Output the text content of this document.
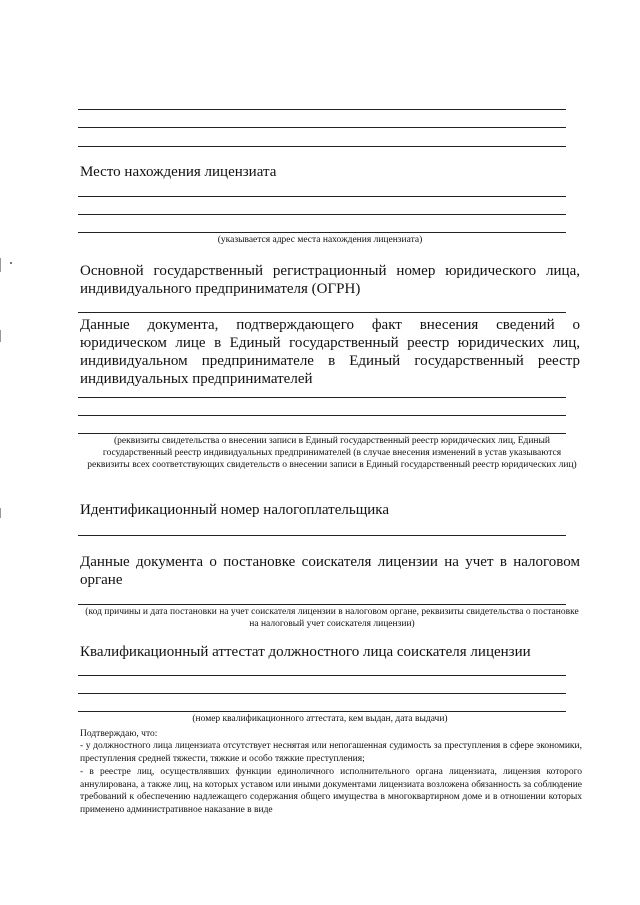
Место нахождения лицензиата

(указывается адрес места нахождения лицензиата)

Основной государственный регистрационный номер юридического лица, индивидуального предпринимателя (ОГРН)

Данные документа, подтверждающего факт внесения сведений о юридическом лице в Единый государственный реестр юридических лиц, индивидуальном предпринимателе в Единый государственный реестр индивидуальных предпринимателей

(реквизиты свидетельства о внесении записи в Единый государственный реестр юридических лиц, Единый государственный реестр индивидуальных предпринимателей (в случае внесения изменений в устав указываются реквизиты всех соответствующих свидетельств о внесении записи в Единый государственный реестр юридических лиц)

Идентификационный номер налогоплательщика

Данные документа о постановке соискателя лицензии на учет в налоговом органе

(код причины и дата постановки на учет соискателя лицензии в налоговом органе, реквизиты свидетельства о постановке на налоговый учет соискателя лицензии)

Квалификационный аттестат должностного лица соискателя лицензии

(номер квалификационного аттестата, кем выдан, дата выдачи)

Подтверждаю, что:

- у должностного лица лицензиата отсутствует неснятая или непогашенная судимость за преступления в сфере экономики, преступления средней тяжести, тяжкие и особо тяжкие преступления;

- в реестре лиц, осуществлявших функции единоличного исполнительного органа лицензиата, лицензия которого аннулирована, а также лиц, на которых уставом или иными документами лицензиата возложена обязанность за соблюдение требований к обеспечению надлежащего содержания общего имущества в многоквартирном доме и в отношении которых применено административное наказание в виде
